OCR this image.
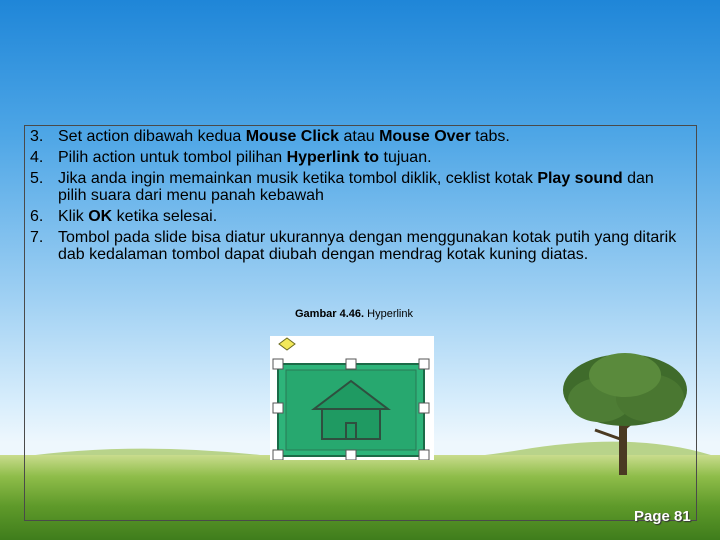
3. Set action dibawah kedua Mouse Click atau Mouse Over tabs.
4. Pilih action untuk tombol pilihan Hyperlink to tujuan.
5. Jika anda ingin memainkan musik ketika tombol diklik, ceklist kotak Play sound dan pilih suara dari menu panah kebawah
6. Klik OK ketika selesai.
7. Tombol pada slide bisa diatur ukurannya dengan menggunakan kotak putih yang ditarik dab kedalaman tombol dapat diubah dengan mendrag kotak kuning diatas.
Gambar 4.46. Hyperlink
Page 81
